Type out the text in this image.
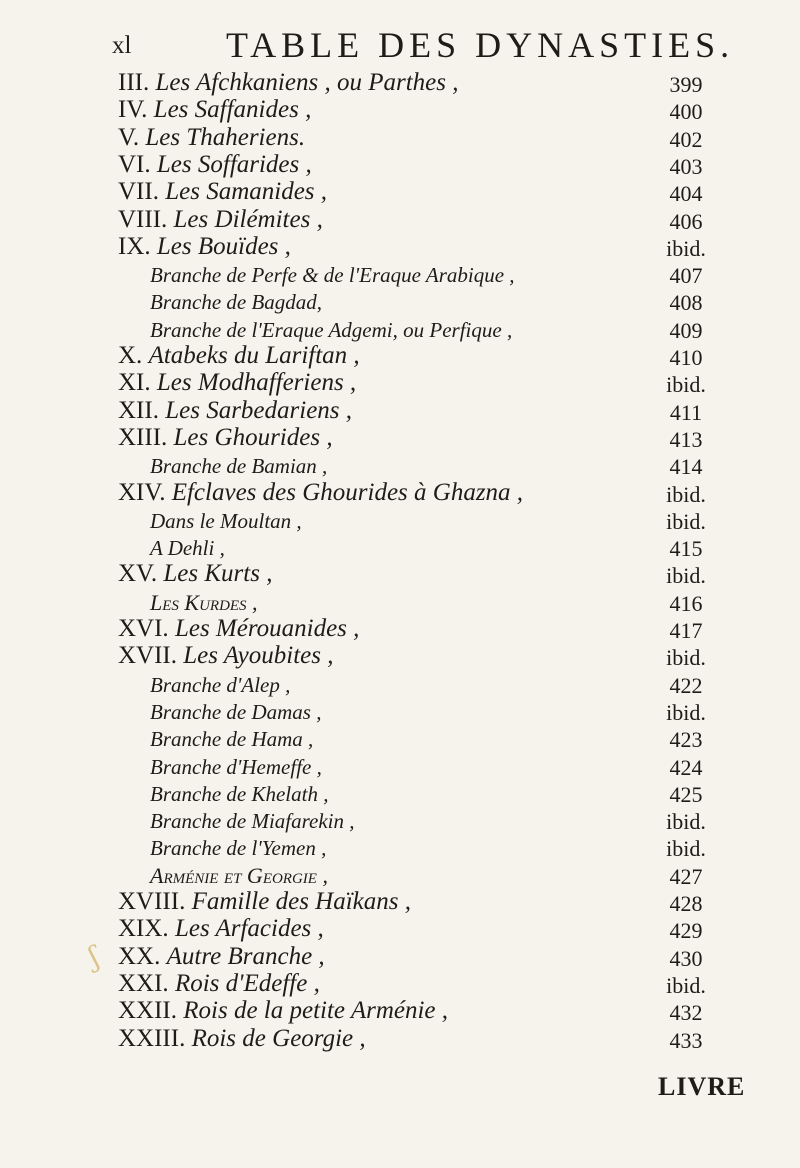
xl	TABLE DES DYNASTIES.
III. Les Afchkaniens , ou Parthes ,	399
IV. Les Saffanides ,	400
V. Les Thaheriens.	402
VI. Les Soffarides ,	403
VII. Les Samanides ,	404
VIII. Les Dilémites ,	406
IX. Les Bouïdes ,	ibid.
Branche de Perfe & de l'Eraque Arabique ,	407
Branche de Bagdad,	408
Branche de l'Eraque Adgemi, ou Perfique ,	409
X. Atabeks du Lariftan ,	410
XI. Les Modhafferiens ,	ibid.
XII. Les Sarbedariens ,	411
XIII. Les Ghourides ,	413
Branche de Bamian ,	414
XIV. Efclaves des Ghourides à Ghazna ,	ibid.
Dans le Moultan ,	ibid.
A Dehli ,	415
XV. Les Kurts ,	ibid.
Les Kurdes ,	416
XVI. Les Mérouanides ,	417
XVII. Les Ayoubites ,	ibid.
Branche d'Alep ,	422
Branche de Damas ,	ibid.
Branche de Hama ,	423
Branche d'Hemeffe ,	424
Branche de Khelath ,	425
Branche de Miafarekin ,	ibid.
Branche de l'Yemen ,	ibid.
Arménie et Georgie ,	427
XVIII. Famille des Haïkans ,	428
XIX. Les Arfacides ,	429
XX. Autre Branche ,	430
XXI. Rois d'Edeffe ,	ibid.
XXII. Rois de la petite Arménie ,	432
XXIII. Rois de Georgie ,	433
ʃ
LIVRE
